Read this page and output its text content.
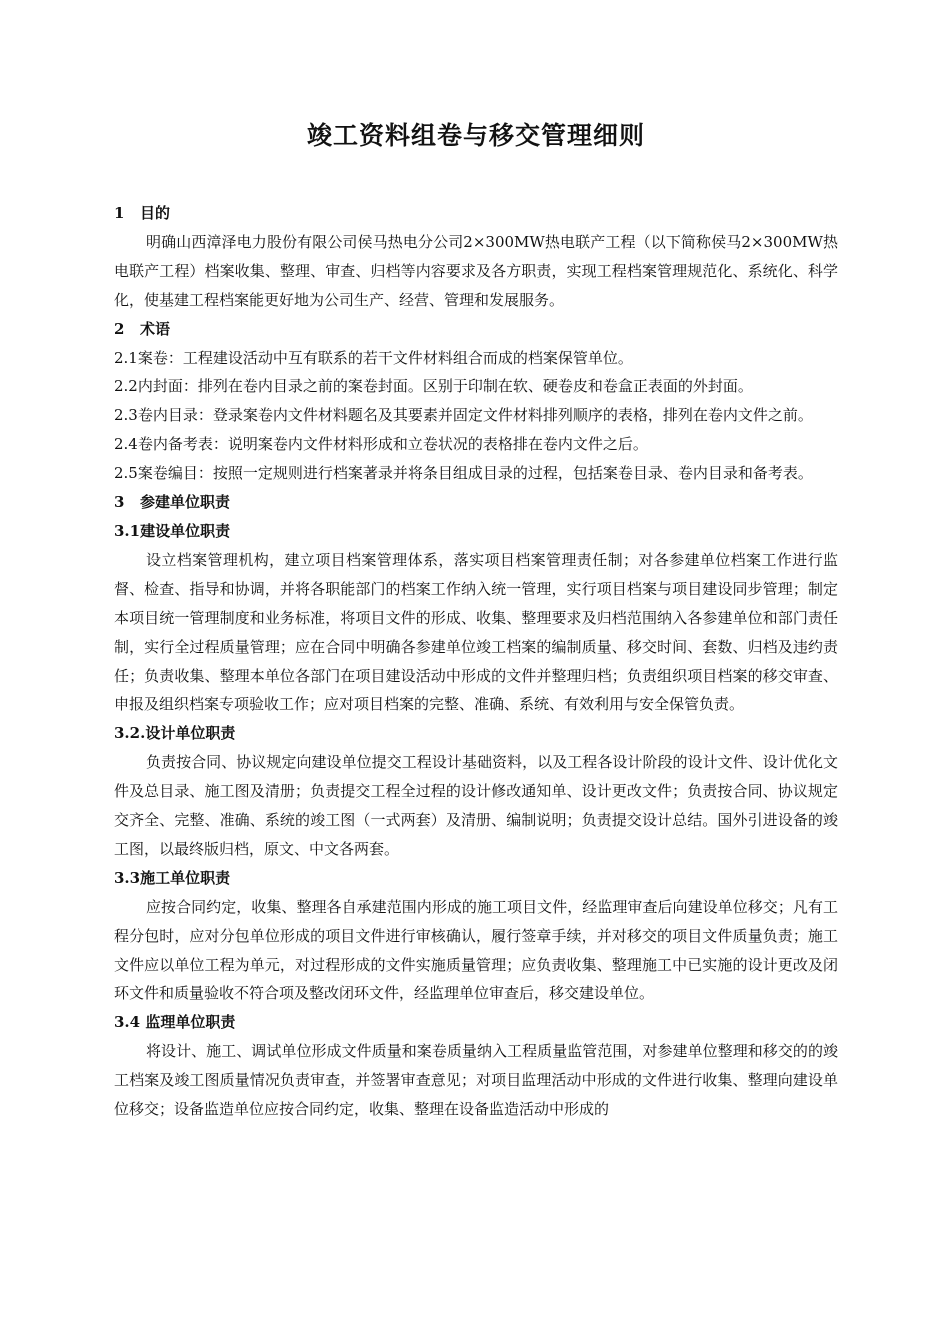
竣工资料组卷与移交管理细则

1 目的

明确山西漳泽电力股份有限公司侯马热电分公司2×300MW热电联产工程（以下简称侯马2×300MW热电联产工程）档案收集、整理、审查、归档等内容要求及各方职责，实现工程档案管理规范化、系统化、科学化，使基建工程档案能更好地为公司生产、经营、管理和发展服务。

2 术语

2.1案卷：工程建设活动中互有联系的若干文件材料组合而成的档案保管单位。

2.2内封面：排列在卷内目录之前的案卷封面。区别于印制在软、硬卷皮和卷盒正表面的外封面。

2.3卷内目录：登录案卷内文件材料题名及其要素并固定文件材料排列顺序的表格，排列在卷内文件之前。

2.4卷内备考表：说明案卷内文件材料形成和立卷状况的表格排在卷内文件之后。

2.5案卷编目：按照一定规则进行档案著录并将条目组成目录的过程，包括案卷目录、卷内目录和备考表。

3 参建单位职责

3.1建设单位职责

设立档案管理机构，建立项目档案管理体系，落实项目档案管理责任制；对各参建单位档案工作进行监督、检查、指导和协调，并将各职能部门的档案工作纳入统一管理，实行项目档案与项目建设同步管理；制定本项目统一管理制度和业务标准，将项目文件的形成、收集、整理要求及归档范围纳入各参建单位和部门责任制，实行全过程质量管理；应在合同中明确各参建单位竣工档案的编制质量、移交时间、套数、归档及违约责任；负责收集、整理本单位各部门在项目建设活动中形成的文件并整理归档；负责组织项目档案的移交审查、申报及组织档案专项验收工作；应对项目档案的完整、准确、系统、有效利用与安全保管负责。

3.2.设计单位职责

负责按合同、协议规定向建设单位提交工程设计基础资料，以及工程各设计阶段的设计文件、设计优化文件及总目录、施工图及清册；负责提交工程全过程的设计修改通知单、设计更改文件；负责按合同、协议规定交齐全、完整、准确、系统的竣工图（一式两套）及清册、编制说明；负责提交设计总结。国外引进设备的竣工图，以最终版归档，原文、中文各两套。

3.3施工单位职责

应按合同约定，收集、整理各自承建范围内形成的施工项目文件，经监理审查后向建设单位移交；凡有工程分包时，应对分包单位形成的项目文件进行审核确认，履行签章手续，并对移交的项目文件质量负责；施工文件应以单位工程为单元，对过程形成的文件实施质量管理；应负责收集、整理施工中已实施的设计更改及闭环文件和质量验收不符合项及整改闭环文件，经监理单位审查后，移交建设单位。

3.4 监理单位职责

将设计、施工、调试单位形成文件质量和案卷质量纳入工程质量监管范围，对参建单位整理和移交的的竣工档案及竣工图质量情况负责审查，并签署审查意见；对项目监理活动中形成的文件进行收集、整理向建设单位移交；设备监造单位应按合同约定，收集、整理在设备监造活动中形成的
